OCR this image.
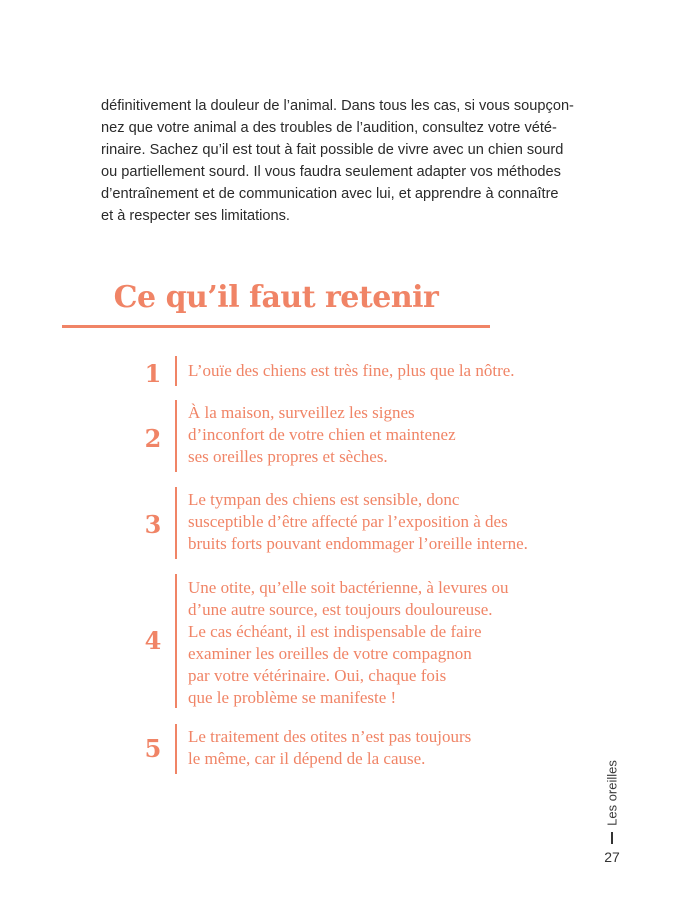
définitivement la douleur de l’animal. Dans tous les cas, si vous soupçon-
nez que votre animal a des troubles de l’audition, consultez votre vété-
rinaire. Sachez qu’il est tout à fait possible de vivre avec un chien sourd
ou partiellement sourd. Il vous faudra seulement adapter vos méthodes
d’entraînement et de communication avec lui, et apprendre à connaître
et à respecter ses limitations.
Ce qu’il faut retenir
1 L’ouïe des chiens est très fine, plus que la nôtre.
2
À la maison, surveillez les signes
d’inconfort de votre chien et maintenez
ses oreilles propres et sèches.
3
Le tympan des chiens est sensible, donc
susceptible d’être affecté par l’exposition à des
bruits forts pouvant endommager l’oreille interne.
4
Une otite, qu’elle soit bactérienne, à levures ou
d’une autre source, est toujours douloureuse.
Le cas échéant, il est indispensable de faire
examiner les oreilles de votre compagnon
par votre vétérinaire. Oui, chaque fois
que le problème se manifeste !
5 Le traitement des otites n’est pas toujours
le même, car il dépend de la cause.
Les oreilles
27
